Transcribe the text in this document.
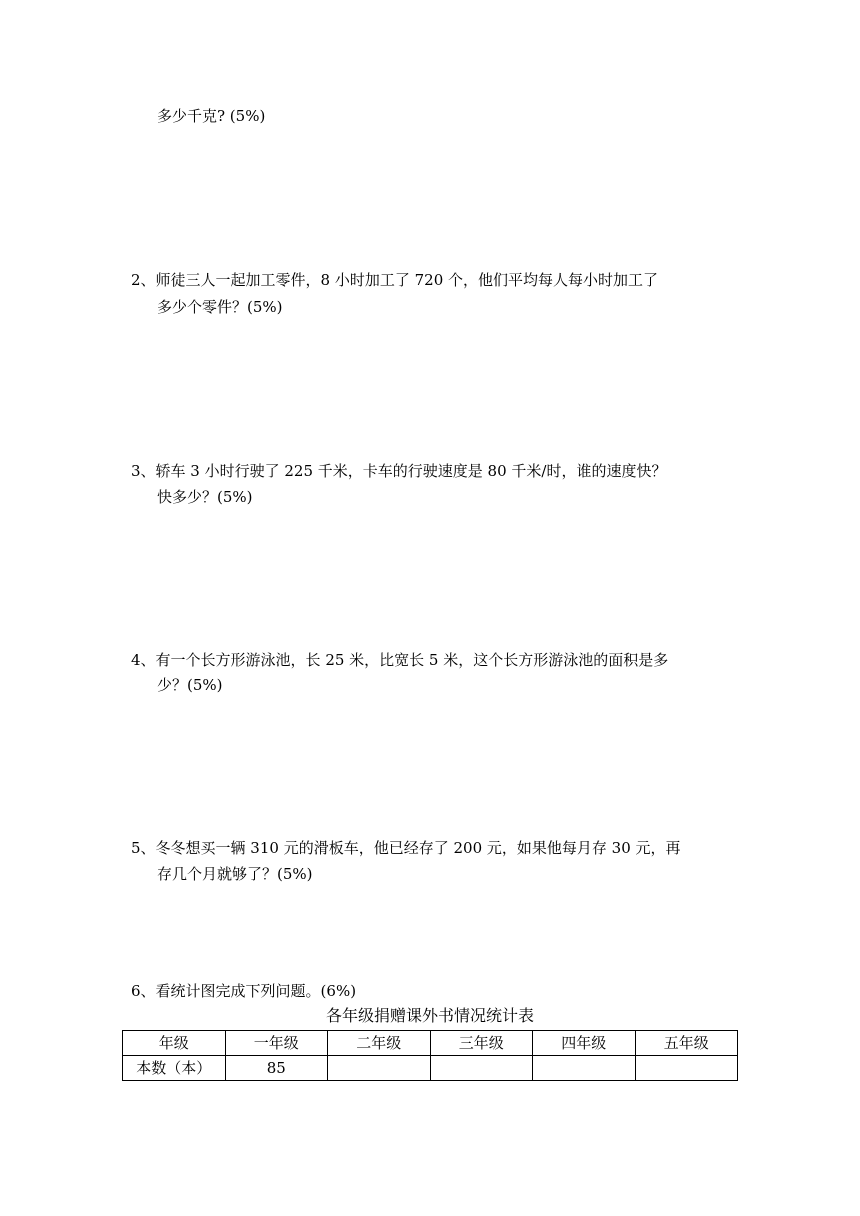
多少千克? (5%)
2、师徒三人一起加工零件，8 小时加工了 720 个，他们平均每人每小时加工了
多少个零件？(5%)
3、轿车 3 小时行驶了 225 千米，卡车的行驶速度是 80 千米/时，谁的速度快？
快多少？(5%)
4、有一个长方形游泳池，长 25 米，比宽长 5 米，这个长方形游泳池的面积是多
少？(5%)
5、冬冬想买一辆 310 元的滑板车，他已经存了 200 元，如果他每月存 30 元，再
存几个月就够了？(5%)
6、看统计图完成下列问题。(6%)
各年级捐赠课外书情况统计表
年级	一年级	二年级	三年级	四年级	五年级
本数（本）	85				
